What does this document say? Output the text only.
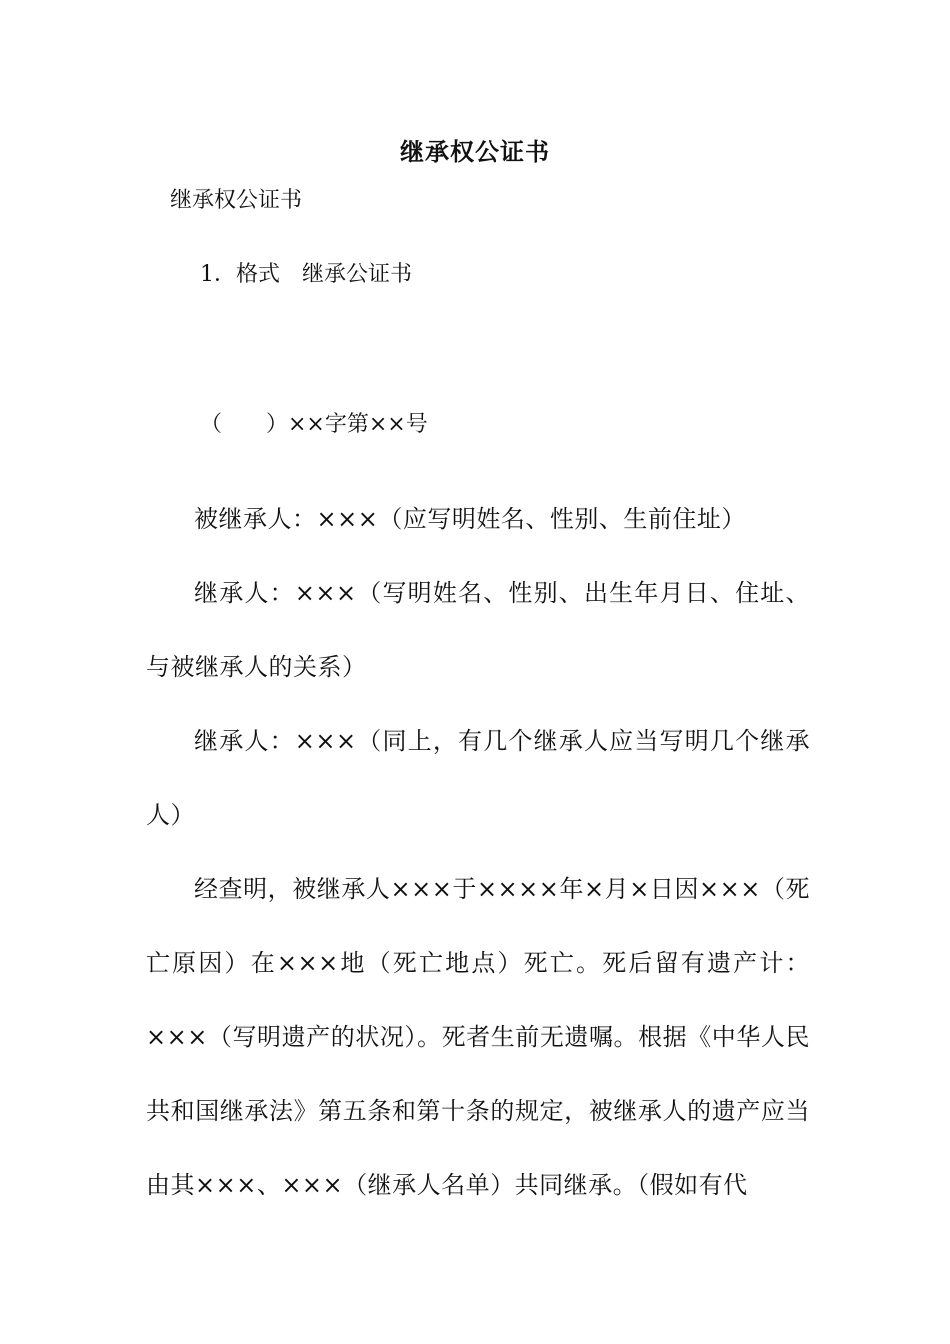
继承权公证书
继承权公证书
1．格式　继承公证书
（　　）××字第××号

被继承人：×××（应写明姓名、性别、生前住址）

继承人：×××（写明姓名、性别、出生年月日、住址、与被继承人的关系）

继承人：×××（同上，有几个继承人应当写明几个继承人）

经查明，被继承人×××于××××年×月×日因×××（死亡原因）在×××地（死亡地点）死亡。死后留有遗产计：×××（写明遗产的状况）。死者生前无遗嘱。根据《中华人民共和国继承法》第五条和第十条的规定，被继承人的遗产应当由其×××、×××（继承人名单）共同继承。（假如有代
